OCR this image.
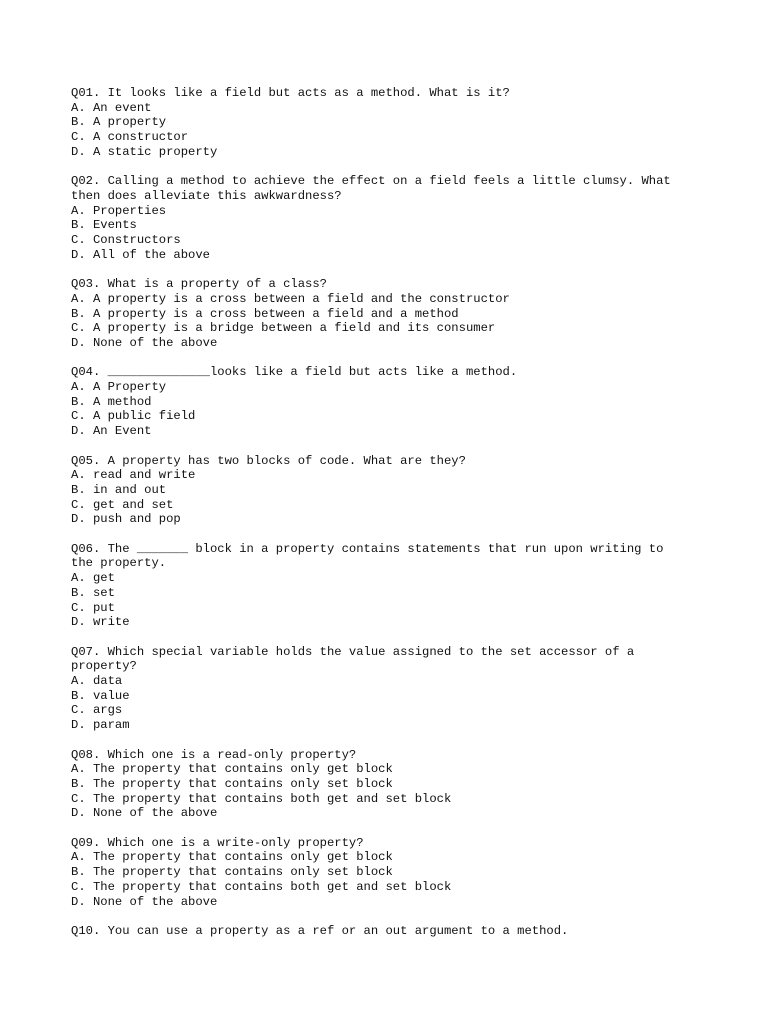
Q01. It looks like a field but acts as a method. What is it?

A. An event
B. A property
C. A constructor
D. A static property

Q02. Calling a method to achieve the effect on a field feels a little clumsy. What
then does alleviate this awkwardness?

A. Properties
B. Events
C. Constructors
D. All of the above

Q03. What is a property of a class?

A. A property is a cross between a field and the constructor
B. A property is a cross between a field and a method
C. A property is a bridge between a field and its consumer
D. None of the above

Q04. ______________looks like a field but acts like a method.

A. A Property
B. A method
C. A public field
D. An Event

Q05. A property has two blocks of code. What are they?

A. read and write
B. in and out
C. get and set
D. push and pop

Q06. The _______ block in a property contains statements that run upon writing to
the property.

A. get
B. set
C. put
D. write

Q07. Which special variable holds the value assigned to the set accessor of a
property?

A. data
B. value
C. args
D. param

Q08. Which one is a read-only property?

A. The property that contains only get block
B. The property that contains only set block
C. The property that contains both get and set block
D. None of the above

Q09. Which one is a write-only property?

A. The property that contains only get block
B. The property that contains only set block
C. The property that contains both get and set block
D. None of the above

Q10. You can use a property as a ref or an out argument to a method.
